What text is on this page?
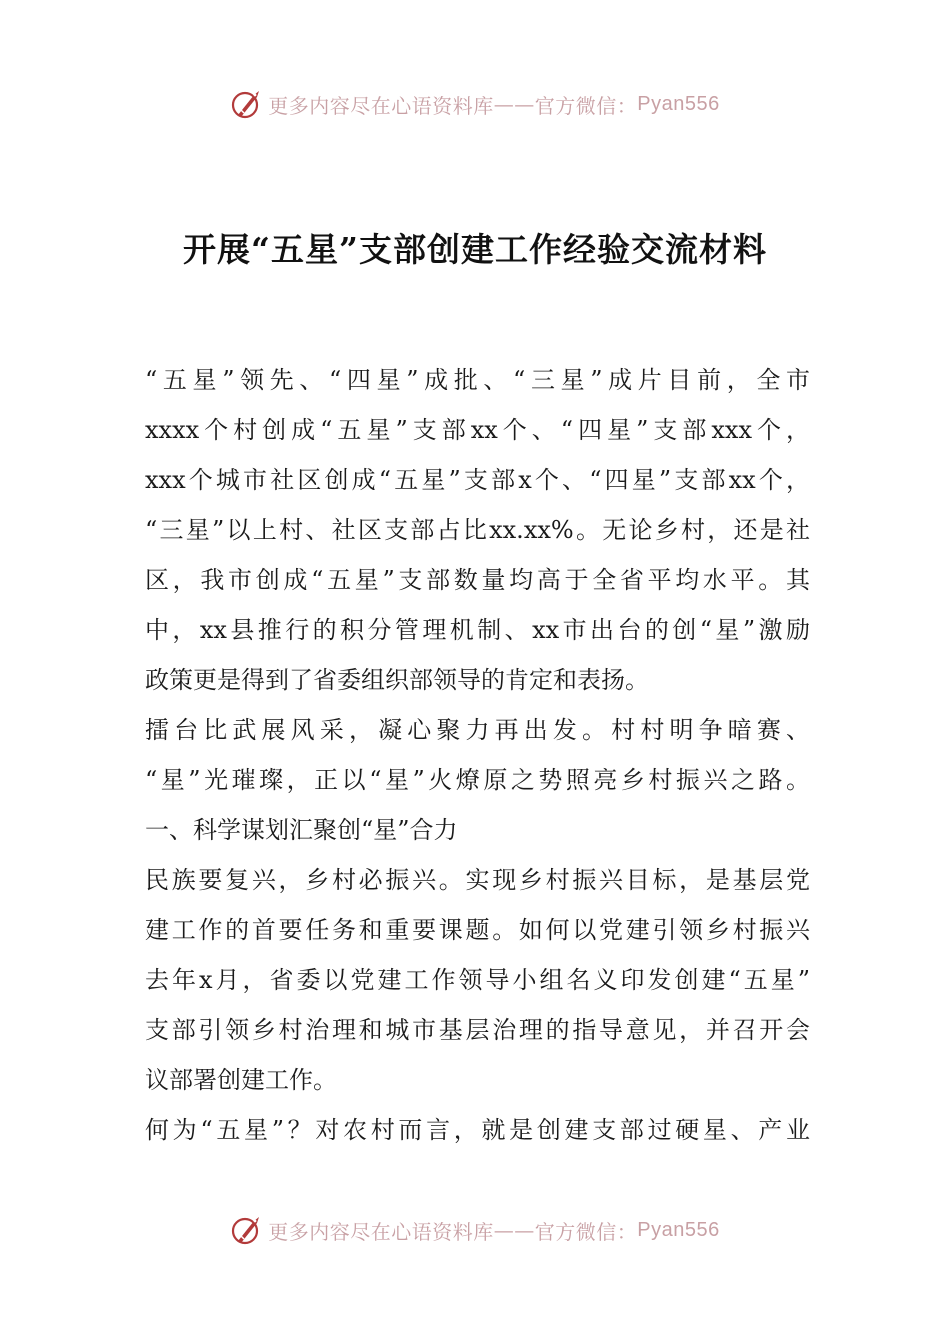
更多内容尽在心语资料库 —— 官方微信： Pyan556
开展“五星”支部创建工作经验交流材料
“五星”领先、“四星”成批、“三星”成片目前，全市
xxxx个村创成“五星”支部xx个、“四星”支部xxx个，
xxx个城市社区创成“五星”支部x个、“四星”支部xx个，
“三星”以上村、社区支部占比xx.xx%。无论乡村，还是社
区，我市创成“五星”支部数量均高于全省平均水平。其
中，xx县推行的积分管理机制、xx市出台的创“星”激励
政策更是得到了省委组织部领导的肯定和表扬。
擂台比武展风采，凝心聚力再出发。村村明争暗赛、
“星”光璀璨，正以“星”火燎原之势照亮乡村振兴之路。
一、科学谋划汇聚创“星”合力
民族要复兴，乡村必振兴。实现乡村振兴目标，是基层党
建工作的首要任务和重要课题。如何以党建引领乡村振兴
去年x月，省委以党建工作领导小组名义印发创建“五星”
支部引领乡村治理和城市基层治理的指导意见，并召开会
议部署创建工作。
何为“五星”？对农村而言，就是创建支部过硬星、产业
更多内容尽在心语资料库 —— 官方微信： Pyan556
